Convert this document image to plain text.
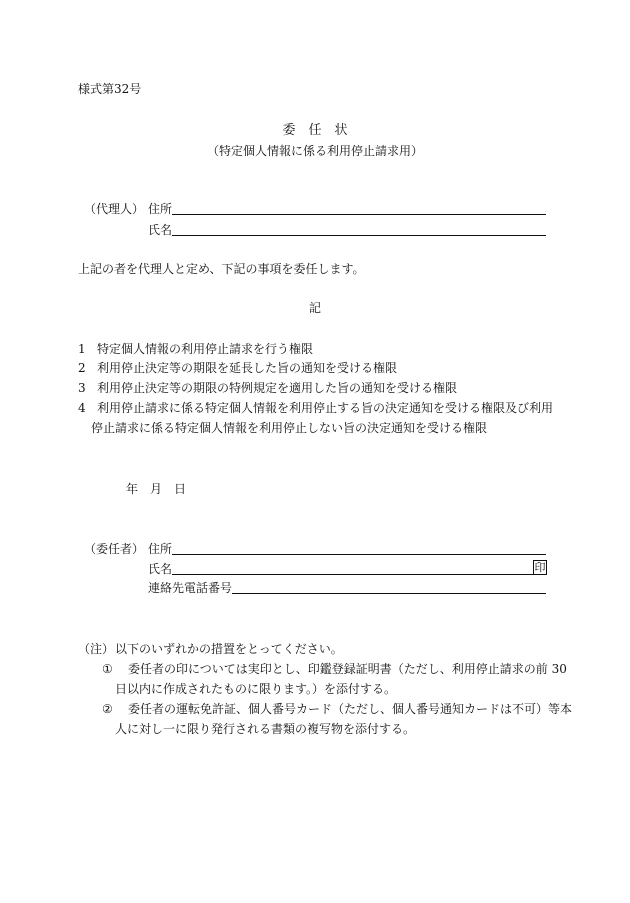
様式第32号
委　任　状
（特定個人情報に係る利用停止請求用）
（代理人） 住所
氏名
上記の者を代理人と定め、下記の事項を委任します。
記
1 特定個人情報の利用停止請求を行う権限
2 利用停止決定等の期限を延長した旨の通知を受ける権限
3 利用停止決定等の期限の特例規定を適用した旨の通知を受ける権限
4 利用停止請求に係る特定個人情報を利用停止する旨の決定通知を受ける権限及び利用
停止請求に係る特定個人情報を利用停止しない旨の決定通知を受ける権限
年 月 日
（委任者） 住所
氏名	印
連絡先電話番号
（注） 以下のいずれかの措置をとってください。
① 委任者の印については実印とし、印鑑登録証明書（ただし、利用停止請求の前 30
日以内に作成されたものに限ります。）を添付する。
② 委任者の運転免許証、個人番号カード（ただし、個人番号通知カードは不可）等本
人に対し一に限り発行される書類の複写物を添付する。
